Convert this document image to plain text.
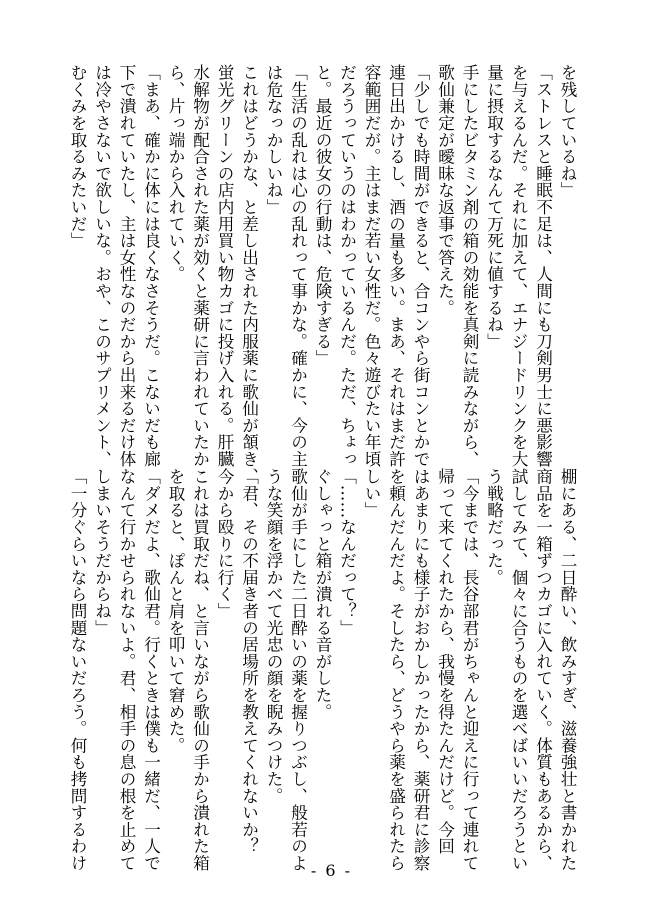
を残しているね」
「ストレスと睡眠不足は、人間にも刀剣男士に悪影響
を与えるんだ。それに加えて、エナジードリンクを大
量に摂取するなんて万死に値するね」
手にしたビタミン剤の箱の効能を真剣に読みながら、
歌仙兼定が曖昧な返事で答えた。
「少しでも時間ができると、合コンやら街コンとかで
連日出かけるし、酒の量も多い。まあ、それはまだ許
容範囲だが。主はまだ若い女性だ。色々遊びたい年頃
だろうっていうのはわかっているんだ。ただ、ちょっ
と。最近の彼女の行動は、危険すぎる」
「生活の乱れは心の乱れって事かな。確かに、今の主
は危なっかしいね」
これはどうかな、と差し出された内服薬に歌仙が頷き、
蛍光グリーンの店内用買い物カゴに投げ入れる。肝臓
水解物が配合された薬が効くと薬研に言われていたか
ら、片っ端から入れていく。
「まあ、確かに体には良くなさそうだ。こないだも廊
下で潰れていたし、主は女性なのだから出来るだけ体
は冷やさないで欲しいな。おや、このサプリメント、
むくみを取るみたいだ」
棚にある、二日酔い、飲みすぎ、滋養強壮と書かれた
商品を一箱ずつカゴに入れていく。体質もあるから、
試してみて、個々に合うものを選べばいいだろうとい
う戦略だった。
「今までは、長谷部君がちゃんと迎えに行って連れて
帰って来てくれたから、我慢を得たんだけど。今回
はあまりにも様子がおかしかったから、薬研君に診察
を頼んだんだよ。そしたら、どうやら薬を盛られたら
しい」
「……なんだって？」
ぐしゃっと箱が潰れる音がした。
歌仙が手にした二日酔いの薬を握りつぶし、般若のよ
うな笑顔を浮かべて光忠の顔を睨みつけた。
「君、その不届き者の居場所を教えてくれないか？
今から殴りに行く」
これは買取だね、と言いながら歌仙の手から潰れた箱
を取ると、ぽんと肩を叩いて窘めた。
「ダメだよ、歌仙君。行くときは僕も一緒だ、一人で
なんて行かせられないよ。君、相手の息の根を止めて
しまいそうだからね」
「一分ぐらいなら問題ないだろう。何も拷問するわけ	- 6 -
